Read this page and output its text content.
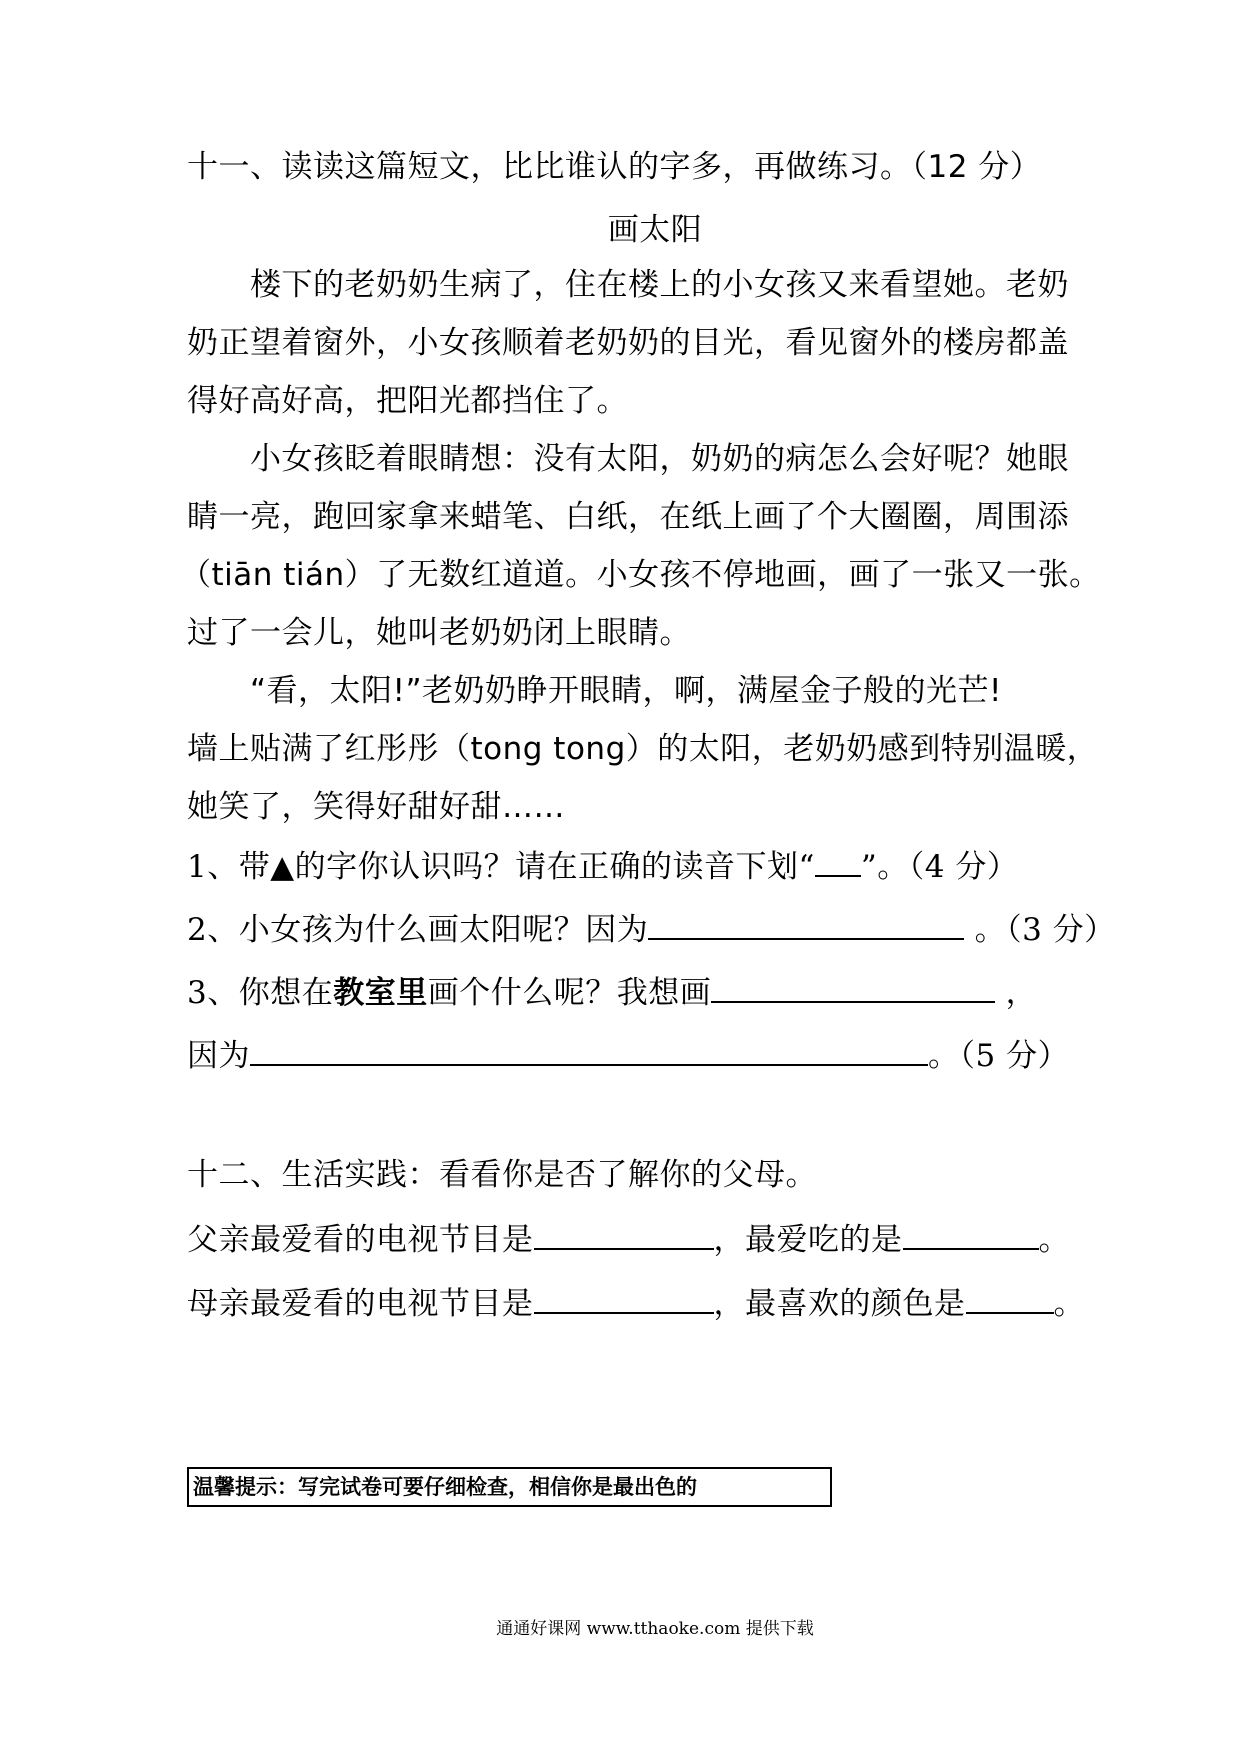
十一、读读这篇短文，比比谁认的字多，再做练习。（12 分）
画太阳
　　楼下的老奶奶生病了，住在楼上的小女孩又来看望她。老奶
奶正望着窗外，小女孩顺着老奶奶的目光，看见窗外的楼房都盖
得好高好高，把阳光都挡住了。
　　小女孩眨着眼睛想：没有太阳，奶奶的病怎么会好呢？她眼
睛一亮，跑回家拿来蜡笔、白纸，在纸上画了个大圈圈，周围添
（tiān tián）了无数红道道。小女孩不停地画，画了一张又一张。
过了一会儿，她叫老奶奶闭上眼睛。
　　“看，太阳!”老奶奶睁开眼睛，啊，满屋金子般的光芒!
墙上贴满了红彤彤（tong tong）的太阳，老奶奶感到特别温暖，
她笑了，笑得好甜好甜……
1、带▲的字你认识吗？请在正确的读音下划“ ”。（4 分）
2、小女孩为什么画太阳呢？因为	。（3 分）
3、你想在教室里画个什么呢？我想画	，
因为	。（5 分）
十二、生活实践：看看你是否了解你的父母。
父亲最爱看的电视节目是	，最爱吃的是	。
母亲最爱看的电视节目是	，最喜欢的颜色是	。
温馨提示：写完试卷可要仔细检查，相信你是最出色的
通通好课网 www.tthaoke.com 提供下载
